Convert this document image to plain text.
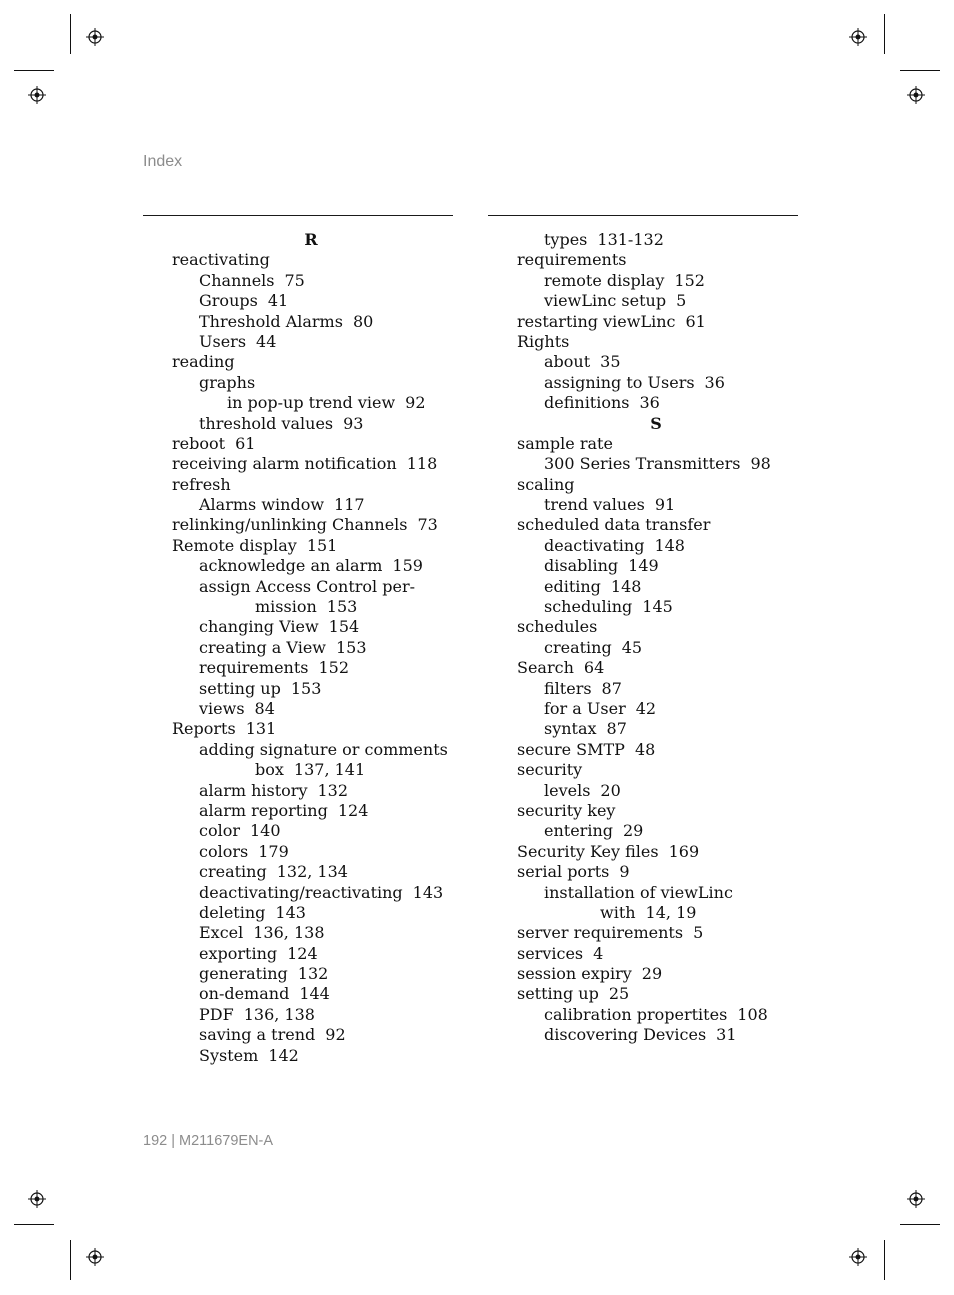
Index
R
reactivating
Channels 75
Groups 41
Threshold Alarms 80
Users 44
reading
graphs
in pop-up trend view 92
threshold values 93
reboot 61
receiving alarm notification 118
refresh
Alarms window 117
relinking/unlinking Channels 73
Remote display 151
acknowledge an alarm 159
assign Access Control per-
mission 153
changing View 154
creating a View 153
requirements 152
setting up 153
views 84
Reports 131
adding signature or comments
box 137, 141
alarm history 132
alarm reporting 124
color 140
colors 179
creating 132, 134
deactivating/reactivating 143
deleting 143
Excel 136, 138
exporting 124
generating 132
on-demand 144
PDF 136, 138
saving a trend 92
System 142
types 131-132
requirements
remote display 152
viewLinc setup 5
restarting viewLinc 61
Rights
about 35
assigning to Users 36
definitions 36
S
sample rate
300 Series Transmitters 98
scaling
trend values 91
scheduled data transfer
deactivating 148
disabling 149
editing 148
scheduling 145
schedules
creating 45
Search 64
filters 87
for a User 42
syntax 87
secure SMTP 48
security
levels 20
security key
entering 29
Security Key files 169
serial ports 9
installation of viewLinc
with 14, 19
server requirements 5
services 4
session expiry 29
setting up 25
calibration propertites 108
discovering Devices 31
192 | M211679EN-A
